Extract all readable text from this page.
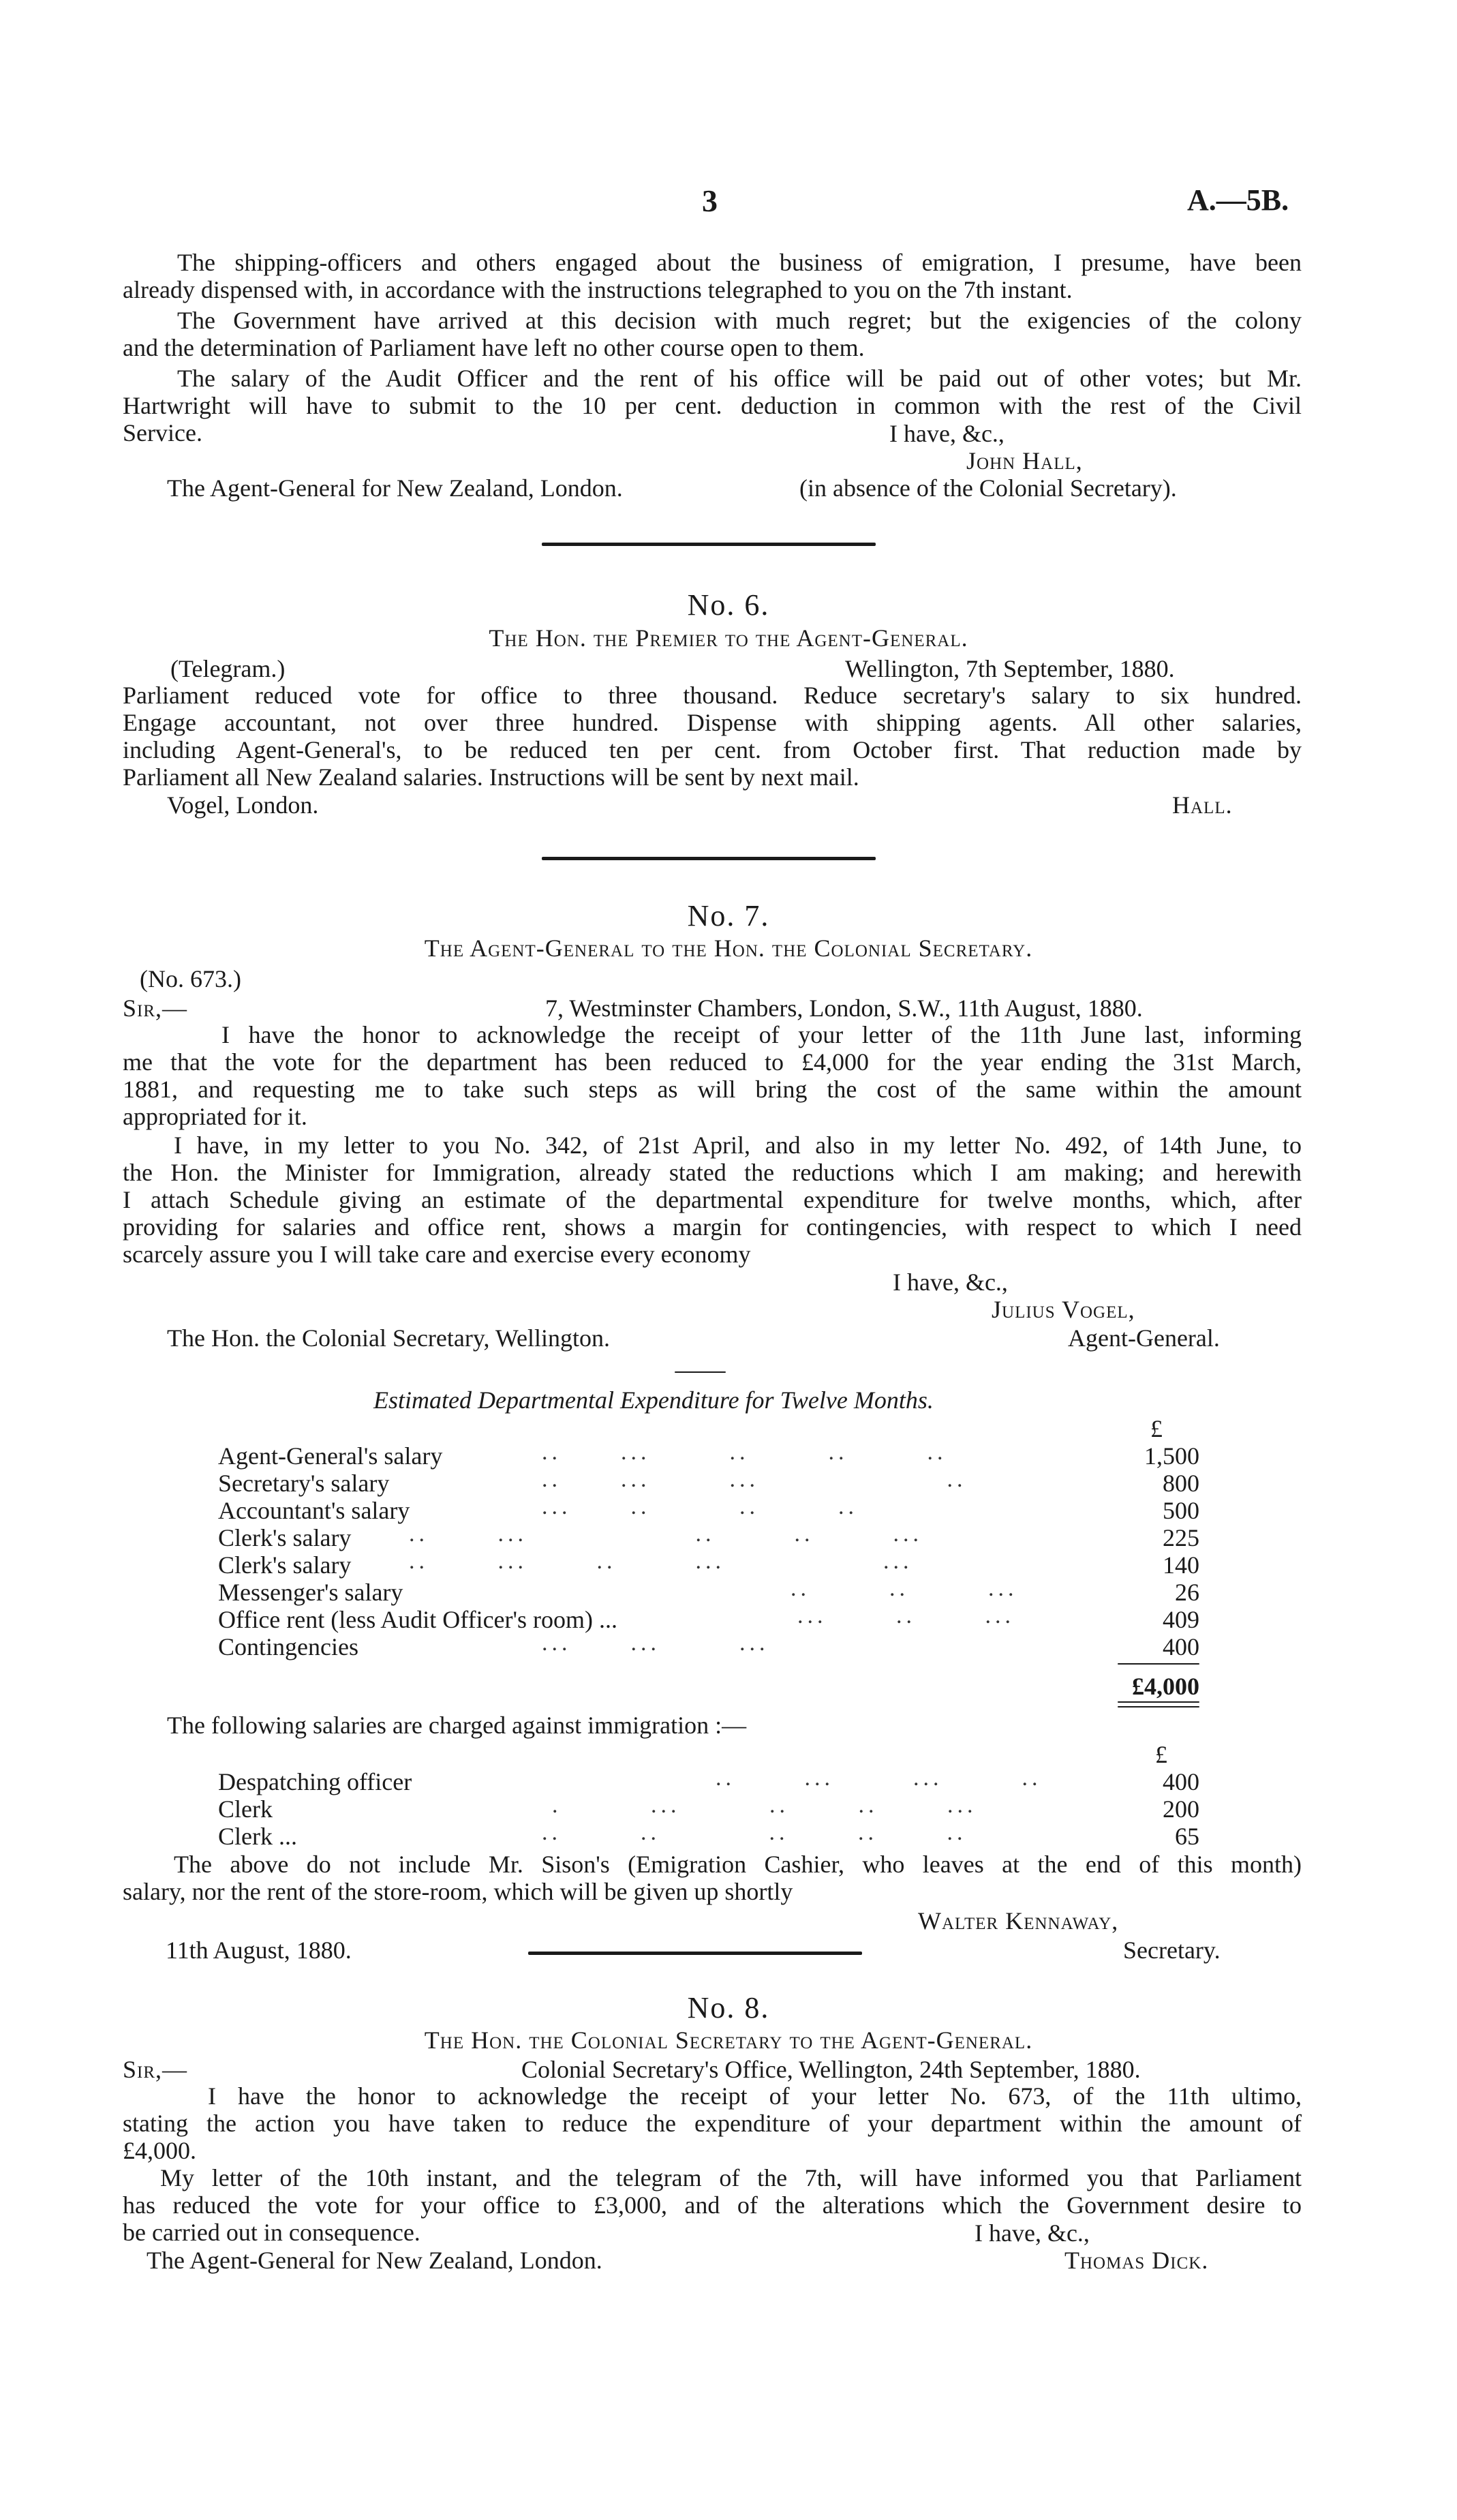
3	A.—5B.
The shipping-officers and others engaged about the business of emigration, I presume, have been
already dispensed with, in accordance with the instructions telegraphed to you on the 7th instant.
The Government have arrived at this decision with much regret; but the exigencies of the colony
and the determination of Parliament have left no other course open to them.
The salary of the Audit Officer and the rent of his office will be paid out of other votes; but Mr.
Hartwright will have to submit to the 10 per cent. deduction in common with the rest of the Civil
Service.	I have, &c.,
John Hall,
The Agent-General for New Zealand, London.	(in absence of the Colonial Secretary).
No. 6.
The Hon. the Premier to the Agent-General.
(Telegram.)	Wellington, 7th September, 1880.
Parliament reduced vote for office to three thousand. Reduce secretary's salary to six hundred.
Engage accountant, not over three hundred. Dispense with shipping agents. All other salaries,
including Agent-General's, to be reduced ten per cent. from October first. That reduction made by
Parliament all New Zealand salaries. Instructions will be sent by next mail.
Vogel, London.	Hall.
No. 7.
The Agent-General to the Hon. the Colonial Secretary.
(No. 673.)
Sir,—	7, Westminster Chambers, London, S.W., 11th August, 1880.
I have the honor to acknowledge the receipt of your letter of the 11th June last, informing
me that the vote for the department has been reduced to £4,000 for the year ending the 31st March,
1881, and requesting me to take such steps as will bring the cost of the same within the amount
appropriated for it.
I have, in my letter to you No. 342, of 21st April, and also in my letter No. 492, of 14th June, to
the Hon. the Minister for Immigration, already stated the reductions which I am making; and herewith
I attach Schedule giving an estimate of the departmental expenditure for twelve months, which, after
providing for salaries and office rent, shows a margin for contingencies, with respect to which I need
scarcely assure you I will take care and exercise every economy
I have, &c.,
Julius Vogel,
The Hon. the Colonial Secretary, Wellington.	Agent-General.
Estimated Departmental Expenditure for Twelve Months.
£
Agent-General's salary	..      ...        ..        ..        ..	1,500
Secretary's salary	..      ...        ...                   ..	800
Accountant's salary	...      ..         ..        ..	500
Clerk's salary ..       ...                 ..        ..        ...	225
Clerk's salary ..       ...       ..        ...                ...	140
Messenger's salary	..        ..        ...	26
Office rent (less Audit Officer's room) ...	...       ..       ...	409
Contingencies	...      ...        ...	400
£4,000
The following salaries are charged against immigration :—
£
Despatching officer	..       ...        ...        ..	400
Clerk	.         ...         ..       ..       ...	200
Clerk ...	..        ..           ..       ..       ..	65
The above do not include Mr. Sison's (Emigration Cashier, who leaves at the end of this month)
salary, nor the rent of the store-room, which will be given up shortly
Walter Kennaway,
11th August, 1880.	Secretary.
No. 8.
The Hon. the Colonial Secretary to the Agent-General.
Sir,—	Colonial Secretary's Office, Wellington, 24th September, 1880.
I have the honor to acknowledge the receipt of your letter No. 673, of the 11th ultimo,
stating the action you have taken to reduce the expenditure of your department within the amount of
£4,000.
My letter of the 10th instant, and the telegram of the 7th, will have informed you that Parliament
has reduced the vote for your office to £3,000, and of the alterations which the Government desire to
be carried out in consequence.	I have, &c.,
The Agent-General for New Zealand, London.	Thomas Dick.
